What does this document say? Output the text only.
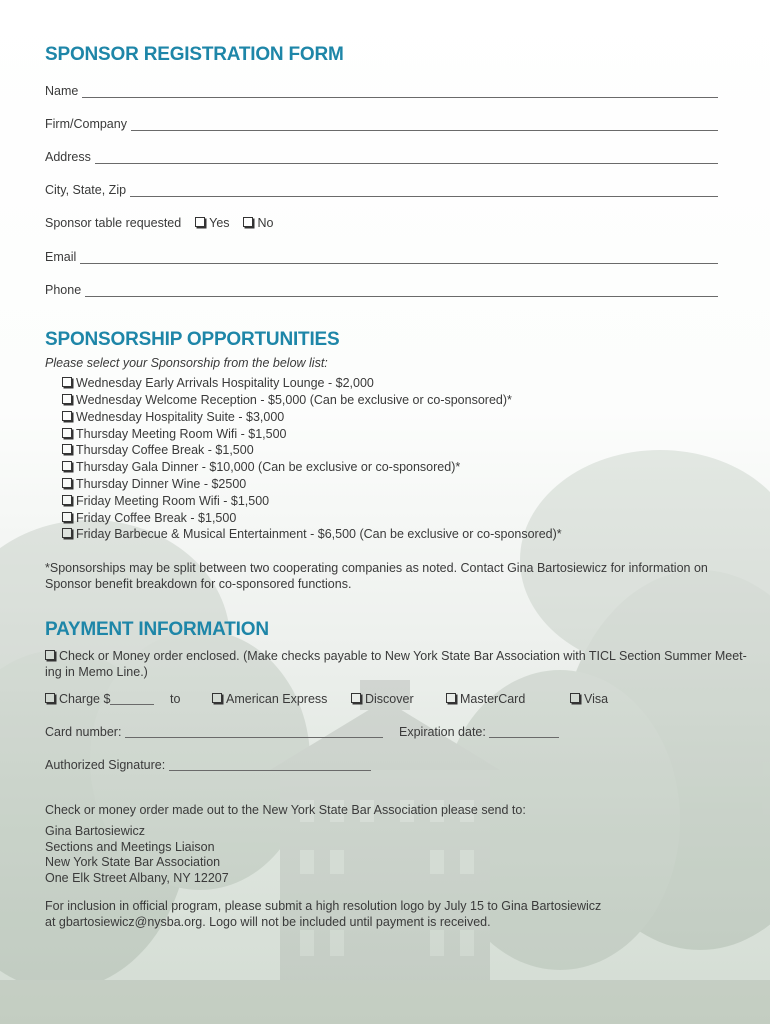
SPONSOR REGISTRATION FORM
Name
Firm/Company
Address
City, State, Zip
Sponsor table requested Yes No
Email
Phone
SPONSORSHIP OPPORTUNITIES
Please select your Sponsorship from the below list:
Wednesday Early Arrivals Hospitality Lounge - $2,000
Wednesday Welcome Reception - $5,000 (Can be exclusive or co-sponsored)*
Wednesday Hospitality Suite - $3,000
Thursday Meeting Room Wifi - $1,500
Thursday Coffee Break - $1,500
Thursday Gala Dinner - $10,000 (Can be exclusive or co-sponsored)*
Thursday Dinner Wine - $2500
Friday Meeting Room Wifi - $1,500
Friday Coffee Break - $1,500
Friday Barbecue & Musical Entertainment - $6,500 (Can be exclusive or co-sponsored)*
*Sponsorships may be split between two cooperating companies as noted. Contact Gina Bartosiewicz for information on
Sponsor benefit breakdown for co-sponsored functions.
PAYMENT INFORMATION
Check or Money order enclosed. (Make checks payable to New York State Bar Association with TICL Section Summer Meet-
ing in Memo Line.)
Charge $	to	American Express	Discover	MasterCard	Visa
Card number:	Expiration date:
Authorized Signature:
Check or money order made out to the New York State Bar Association please send to:
Gina Bartosiewicz
Sections and Meetings Liaison
New York State Bar Association
One Elk Street Albany, NY 12207
For inclusion in official program, please submit a high resolution logo by July 15 to Gina Bartosiewicz
at gbartosiewicz@nysba.org. Logo will not be included until payment is received.
